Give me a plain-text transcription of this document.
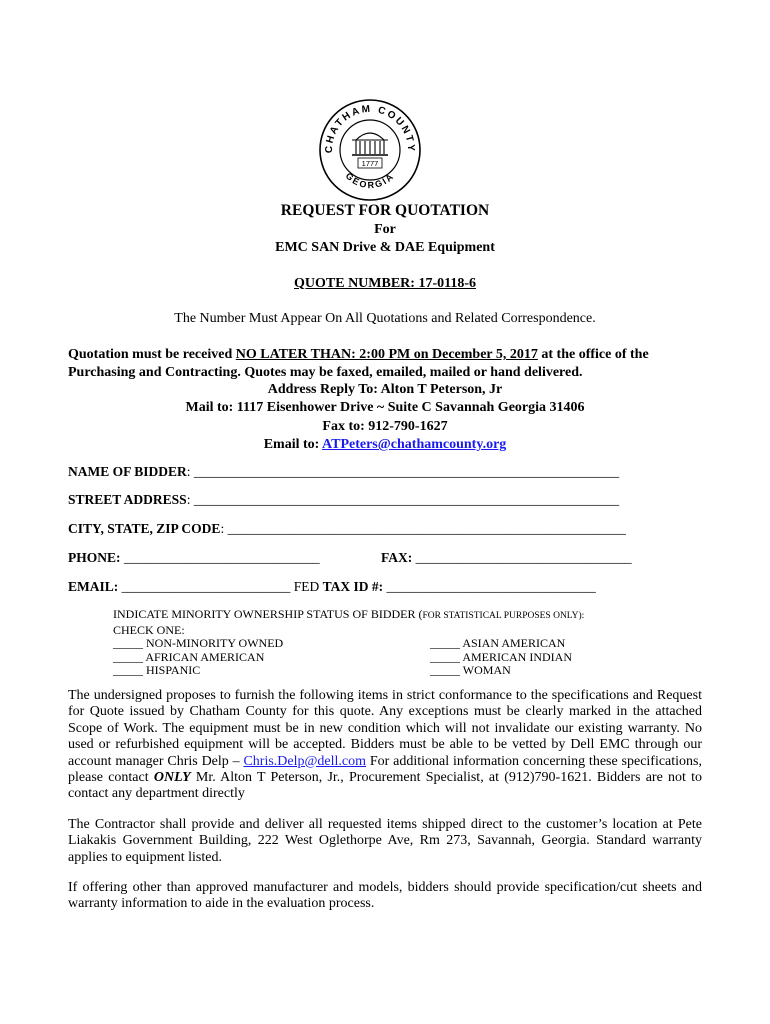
CHATHAM COUNTY
GEORGIA
1777
REQUEST FOR QUOTATION
For
EMC SAN Drive & DAE Equipment
QUOTE NUMBER: 17-0118-6
The Number Must Appear On All Quotations and Related Correspondence.
Quotation must be received NO LATER THAN: 2:00 PM on December 5, 2017 at the office of the Purchasing and Contracting. Quotes may be faxed, emailed, mailed or hand delivered.
Address Reply To: Alton T Peterson, Jr
Mail to: 1117 Eisenhower Drive ~ Suite C Savannah Georgia 31406
Fax to: 912-790-1627
Email to: ATPeters@chathamcounty.org
NAME OF BIDDER: _______________________________________________________________
STREET ADDRESS: _______________________________________________________________
CITY, STATE, ZIP CODE: ___________________________________________________________
PHONE: _____________________________	FAX: ________________________________
EMAIL: _________________________ FED TAX ID #: _______________________________
INDICATE MINORITY OWNERSHIP STATUS OF BIDDER (FOR STATISTICAL PURPOSES ONLY):
CHECK ONE:
_____ NON-MINORITY OWNED
_____ AFRICAN AMERICAN
_____ HISPANIC
_____ ASIAN AMERICAN
_____ AMERICAN INDIAN
_____ WOMAN

The undersigned proposes to furnish the following items in strict conformance to the specifications and Request for Quote issued by Chatham County for this quote. Any exceptions must be clearly marked in the attached Scope of Work. The equipment must be in new condition which will not invalidate our existing warranty. No used or refurbished equipment will be accepted. Bidders must be able to be vetted by Dell EMC through our account manager Chris Delp – Chris.Delp@dell.com For additional information concerning these specifications, please contact ONLY Mr. Alton T Peterson, Jr., Procurement Specialist, at (912)790-1621. Bidders are not to contact any department directly

The Contractor shall provide and deliver all requested items shipped direct to the customer’s location at Pete Liakakis Government Building, 222 West Oglethorpe Ave, Rm 273, Savannah, Georgia. Standard warranty applies to equipment listed.

If offering other than approved manufacturer and models, bidders should provide specification/cut sheets and warranty information to aide in the evaluation process.
